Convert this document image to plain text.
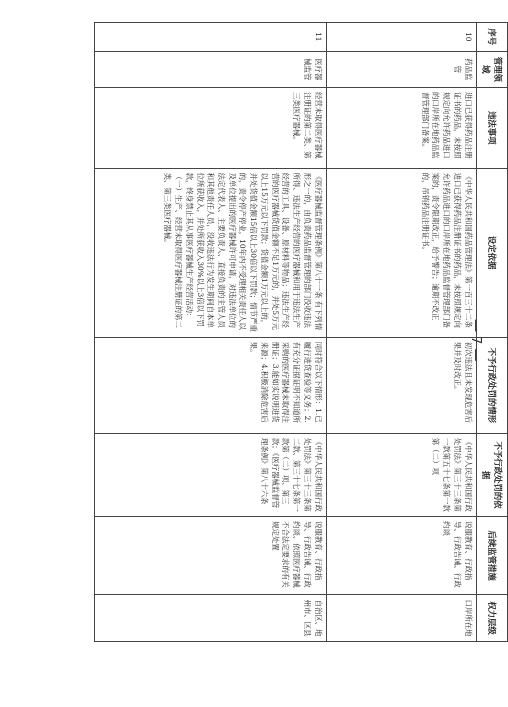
序号	管理领域	违法事项	设定依据	不予行政处罚的情形	不予行政处罚的依据	后续监管措施	权力层级
10	药品监管	进口已获得药品注册证书的药品，未按照规定向允许药品进口的口岸所在地药品监督管理部门备案。	《中华人民共和国药品管理法》第一百三十二条 进口已获得药品注册证书的药品，未按照规定向允许药品进口的口岸所在地药品监督管理部门备案的，责令限期改正，给予警告；逾期不改正的，吊销药品注册证书。	初次违法且未发现危害后果并及时改正。	《中华人民共和国行政处罚法》第三十三条第一款第五十七条第一款第（二）项	说服教育、行政指导、行政告诫、行政约谈	口岸所在地
11	医疗器械监管	经营未取得医疗器械注册证的第二类、第三类医疗器械。	《医疗器械监督管理条例》第八十一条 有下列情形之一的，由负责药品监督管理的部门没收违法所得、违法生产经营的医疗器械和用于违法生产经营的工具、设备、原材料等物品；违法生产经营的医疗器械货值金额不足1万元的，并处5万元以上15万元以下罚款；货值金额1万元以上的，并处货值金额15倍以上30倍以下罚款；情节严重的，责令停产停业，10年内不受理相关责任人以及单位提出的医疗器械许可申请，对违法单位的法定代表人、主要负责人、直接负责的主管人员和其他责任人员，没收违法行为发生期间自本单位所获收入，并处所获收入30%以上3倍以下罚款，终身禁止其从事医疗器械生产经营活动：（一）生产、经营未取得医疗器械注册证的第二类、第三类医疗器械。	同时符合以下情形：1.已履行进货查验等义务；2.有充分证据证明不知道所采购的医疗器械未取得注册证；3.能如实说明进货来源；4.积极消除危害后果。	《中华人民共和国行政处罚法》第三十三条第二款、第三十七条第一款第（二）项、第三款；《医疗器械监督管理条例》第八十六条	说服教育、行政指导、行政告诫、行政约谈、依照医疗器械不合法定要求的有关规定处置	自治区、地州市、区县
— 7 —
